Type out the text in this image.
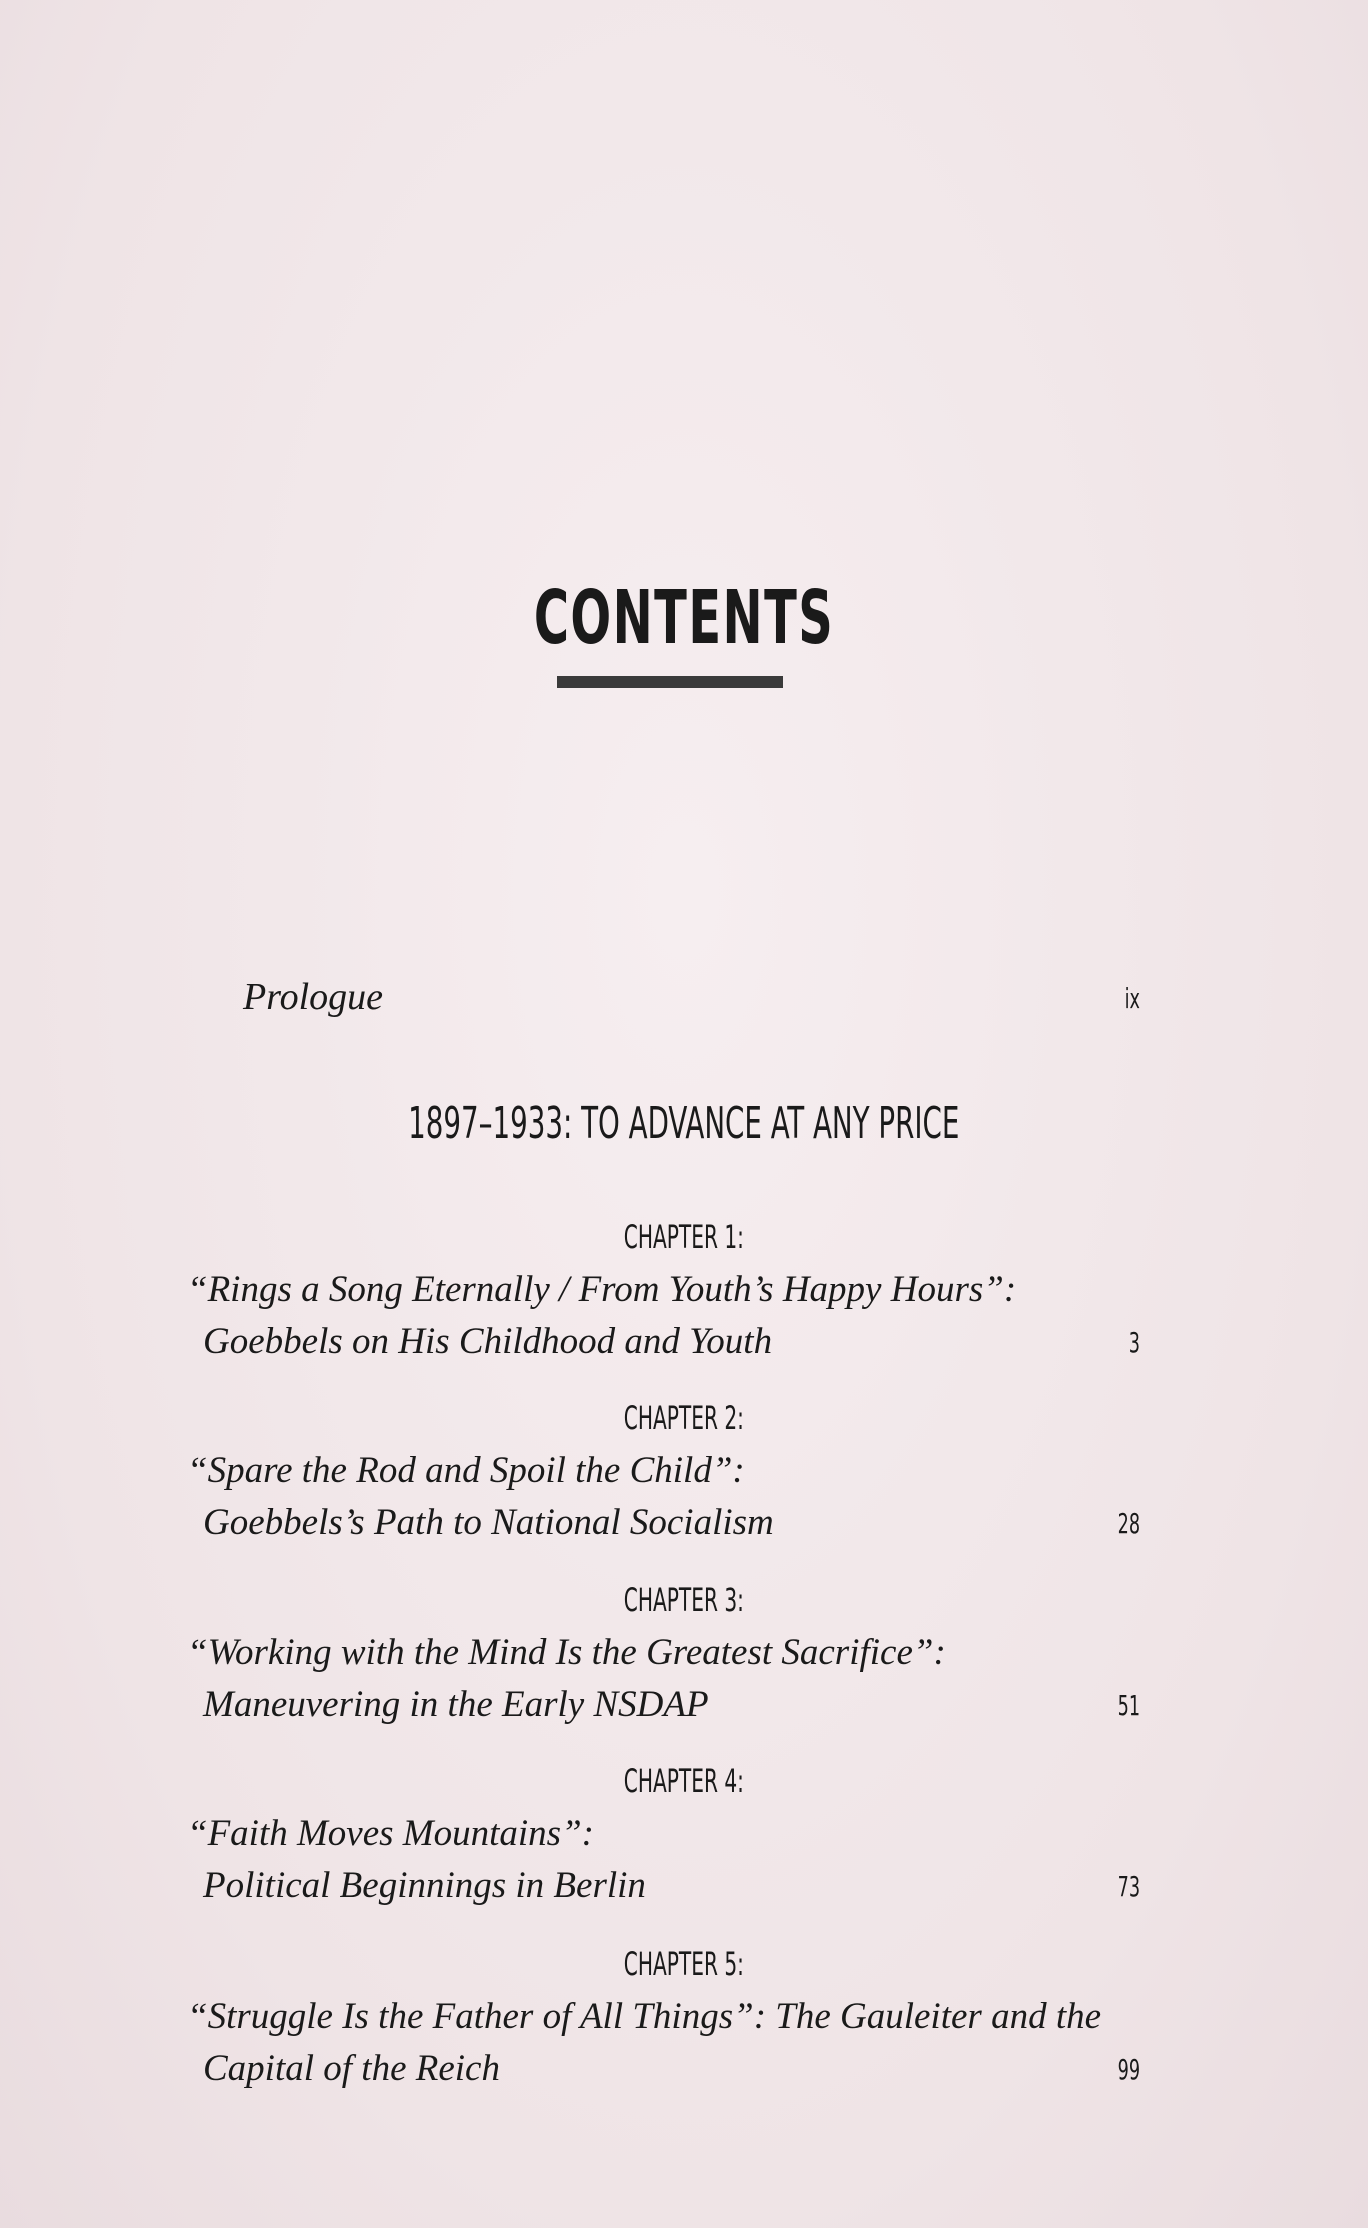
CONTENTS
Prologue	ix
1897–1933: TO ADVANCE AT ANY PRICE
CHAPTER 1:
“Rings a Song Eternally / From Youth’s Happy Hours”:
Goebbels on His Childhood and Youth	3
CHAPTER 2:
“Spare the Rod and Spoil the Child”:
Goebbels’s Path to National Socialism	28
CHAPTER 3:
“Working with the Mind Is the Greatest Sacrifice”:
Maneuvering in the Early NSDAP	51
CHAPTER 4:
“Faith Moves Mountains”:
Political Beginnings in Berlin	73
CHAPTER 5:
“Struggle Is the Father of All Things”: The Gauleiter and the
Capital of the Reich	99
